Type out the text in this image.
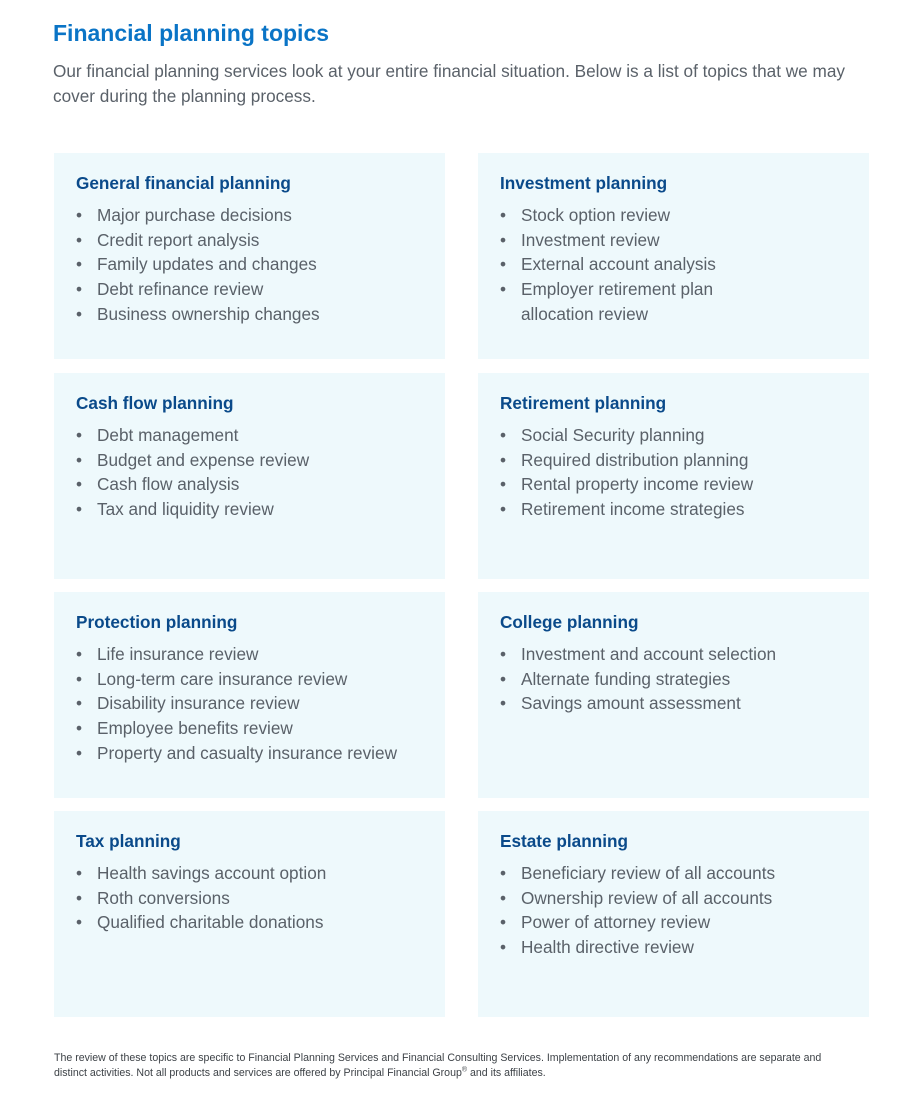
Financial planning topics

Our financial planning services look at your entire financial situation. Below is a list of topics that we may cover during the planning process.

General financial planning
• Major purchase decisions
• Credit report analysis
• Family updates and changes
• Debt refinance review
• Business ownership changes
Investment planning
• Stock option review
• Investment review
• External account analysis
• Employer retirement plan allocation review
Cash flow planning
• Debt management
• Budget and expense review
• Cash flow analysis
• Tax and liquidity review
Retirement planning
• Social Security planning
• Required distribution planning
• Rental property income review
• Retirement income strategies
Protection planning
• Life insurance review
• Long-term care insurance review
• Disability insurance review
• Employee benefits review
• Property and casualty insurance review
College planning
• Investment and account selection
• Alternate funding strategies
• Savings amount assessment
Tax planning
• Health savings account option
• Roth conversions
• Qualified charitable donations
Estate planning
• Beneficiary review of all accounts
• Ownership review of all accounts
• Power of attorney review
• Health directive review

The review of these topics are specific to Financial Planning Services and Financial Consulting Services. Implementation of any recommendations are separate and distinct activities. Not all products and services are offered by Principal Financial Group® and its affiliates.
